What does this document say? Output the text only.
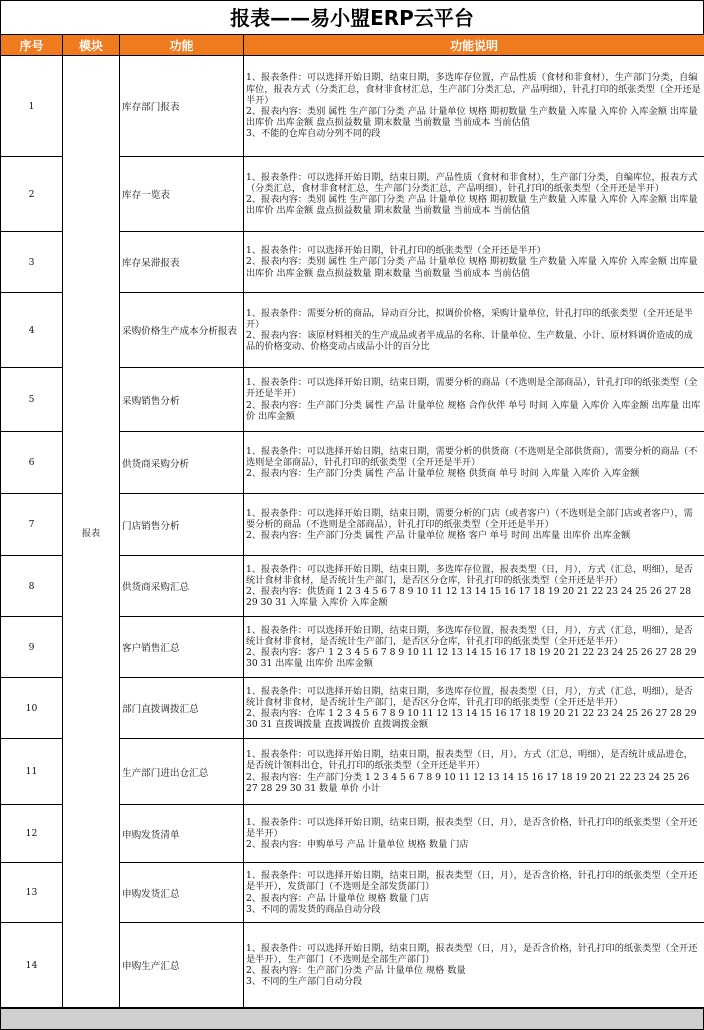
报表——易小盟ERP云平台
序号	模块	功能	功能说明
1	报表	库存部门报表	1、报表条件：可以选择开始日期，结束日期，多选库存位置，产品性质（食材和非食材），生产部门分类，自编库位，报表方式（分类汇总，食材非食材汇总，生产部门分类汇总，产品明细），针孔打印的纸张类型（全开还是半开）
2、报表内容：类别 属性 生产部门分类 产品 计量单位 规格 期初数量 生产数量 入库量 入库价 入库金额 出库量 出库价 出库金额 盘点损益数量 期末数量 当前数量 当前成本 当前估值
3、不能的仓库自动分列不同的段

2		库存一览表	1、报表条件：可以选择开始日期，结束日期，产品性质（食材和非食材），生产部门分类，自编库位，报表方式（分类汇总，食材非食材汇总，生产部门分类汇总，产品明细），针孔打印的纸张类型（全开还是半开）
2、报表内容：类别 属性 生产部门分类 产品 计量单位 规格 期初数量 生产数量 入库量 入库价 入库金额 出库量 出库价 出库金额 盘点损益数量 期末数量 当前数量 当前成本 当前估值

3		库存呆滞报表	1、报表条件：可以选择开始日期，针孔打印的纸张类型（全开还是半开）
2、报表内容：类别 属性 生产部门分类 产品 计量单位 规格 期初数量 生产数量 入库量 入库价 入库金额 出库量 出库价 出库金额 盘点损益数量 期末数量 当前数量 当前成本 当前估值

4		采购价格生产成本分析报表	1、报表条件：需要分析的商品，异动百分比，拟调价价格，采购计量单位，针孔打印的纸张类型（全开还是半开）
2、报表内容：该原材料相关的生产成品或者半成品的名称、计量单位、生产数量、小计、原材料调价造成的成品的价格变动、价格变动占成品小计的百分比

5		采购销售分析	1、报表条件：可以选择开始日期，结束日期，需要分析的商品（不选则是全部商品），针孔打印的纸张类型（全开还是半开）
2、报表内容：生产部门分类 属性 产品 计量单位 规格 合作伙伴 单号 时间 入库量 入库价 入库金额 出库量 出库价 出库金额

6		供货商采购分析	1、报表条件：可以选择开始日期，结束日期，需要分析的供货商（不选则是全部供货商），需要分析的商品（不选则是全部商品），针孔打印的纸张类型（全开还是半开）
2、报表内容：生产部门分类 属性 产品 计量单位 规格 供货商 单号 时间 入库量 入库价 入库金额

7		门店销售分析	1、报表条件：可以选择开始日期，结束日期，需要分析的门店（或者客户）（不选则是全部门店或者客户），需要分析的商品（不选则是全部商品），针孔打印的纸张类型（全开还是半开）
2、报表内容：生产部门分类 属性 产品 计量单位 规格 客户 单号 时间 出库量 出库价 出库金额

8		供货商采购汇总	1、报表条件：可以选择开始日期，结束日期，多选库存位置，报表类型（日，月），方式（汇总，明细），是否统计食材非食材，是否统计生产部门，是否区分仓库，针孔打印的纸张类型（全开还是半开）
2、报表内容：供货商 1 2 3 4 5 6 7 8 9 10 11 12 13 14 15 16 17 18 19 20 21 22 23 24 25 26 27 28 29 30 31 入库量 入库价 入库金额

9		客户销售汇总	1、报表条件：可以选择开始日期，结束日期，多选库存位置，报表类型（日，月），方式（汇总，明细），是否统计食材非食材，是否统计生产部门，是否区分仓库，针孔打印的纸张类型（全开还是半开）
2、报表内容：客户 1 2 3 4 5 6 7 8 9 10 11 12 13 14 15 16 17 18 19 20 21 22 23 24 25 26 27 28 29 30 31 出库量 出库价 出库金额

10		部门直拨调拨汇总	1、报表条件：可以选择开始日期，结束日期，多选库存位置，报表类型（日，月），方式（汇总，明细），是否统计食材非食材，是否统计生产部门，是否区分仓库，针孔打印的纸张类型（全开还是半开）
2、报表内容：仓库 1 2 3 4 5 6 7 8 9 10 11 12 13 14 15 16 17 18 19 20 21 22 23 24 25 26 27 28 29 30 31 直拨调拨量 直拨调拨价 直拨调拨金额

11		生产部门进出仓汇总	1、报表条件：可以选择开始日期，结束日期，报表类型（日，月），方式（汇总，明细），是否统计成品进仓，是否统计领料出仓，针孔打印的纸张类型（全开还是半开）
2、报表内容：生产部门分类 1 2 3 4 5 6 7 8 9 10 11 12 13 14 15 16 17 18 19 20 21 22 23 24 25 26 27 28 29 30 31 数量 单价 小计

12		申购发货清单	1、报表条件：可以选择开始日期，结束日期，报表类型（日，月），是否含价格，针孔打印的纸张类型（全开还是半开）
2、报表内容：申购单号 产品 计量单位 规格 数量 门店

13		申购发货汇总	1、报表条件：可以选择开始日期，结束日期，报表类型（日，月），是否含价格，针孔打印的纸张类型（全开还是半开），发货部门（不选则是全部发货部门）
2、报表内容：产品 计量单位 规格 数量 门店
3、不同的需发货的商品自动分段

14		申购生产汇总	1、报表条件：可以选择开始日期，结束日期，报表类型（日，月），是否含价格，针孔打印的纸张类型（全开还是半开），生产部门（不选则是全部生产部门）
2、报表内容：生产部门分类 产品 计量单位 规格 数量
3、不同的生产部门自动分段
